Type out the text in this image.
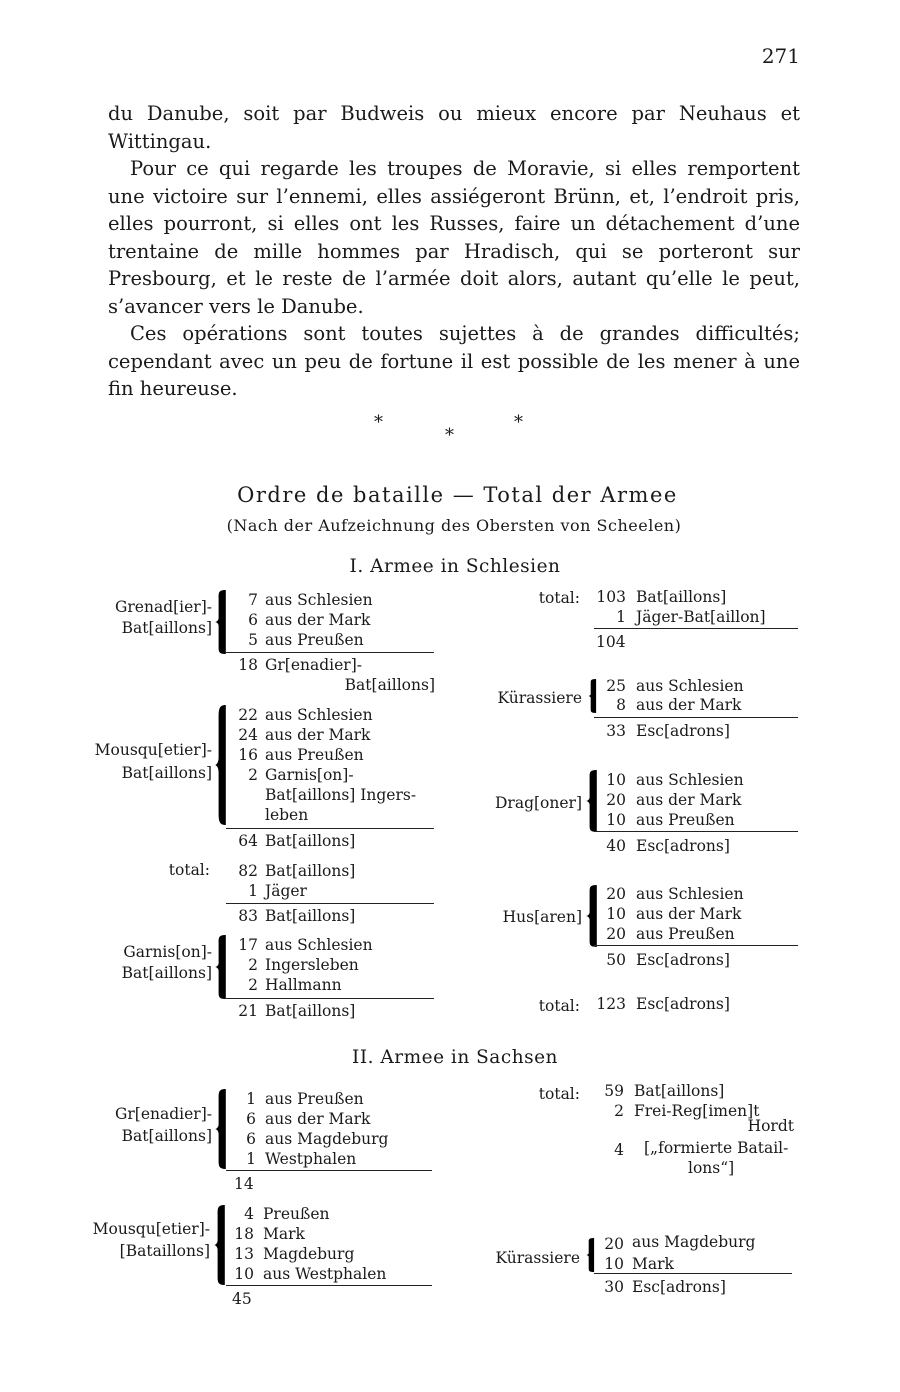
271

du Danube, soit par Budweis ou mieux encore par Neuhaus et Wittingau.

Pour ce qui regarde les troupes de Moravie, si elles remportent une victoire sur l’ennemi, elles assiégeront Brünn, et, l’endroit pris, elles pourront, si elles ont les Russes, faire un détachement d’une trentaine de mille hommes par Hradisch, qui se porteront sur Presbourg, et le reste de l’armée doit alors, autant qu’elle le peut, s’avancer vers le Danube.

Ces opérations sont toutes sujettes à de grandes difficultés; cependant avec un peu de fortune il est possible de les mener à une fin heureuse.

*
*
*
Ordre de bataille — Total der Armee
(Nach der Aufzeichnung des Obersten von Scheelen)
I. Armee in Schlesien
Grenad[ier]-
Bat[aillons]
7 aus Schlesien
6 aus der Mark
5 aus Preußen
18 Gr[enadier]-
Bat[aillons]
Mousqu[etier]-
Bat[aillons]
22 aus Schlesien
24 aus der Mark
16 aus Preußen
2 Garnis[on]-
Bat[aillons] Ingers-
leben
64 Bat[aillons]
total:	82 Bat[aillons]
1 Jäger
83 Bat[aillons]
Garnis[on]-
Bat[aillons]
17 aus Schlesien
2 Ingersleben
2 Hallmann
21 Bat[aillons]
total: 103 Bat[aillons]
1 Jäger-Bat[aillon]
104
Kürassiere
25 aus Schlesien
8 aus der Mark
33 Esc[adrons]
Drag[oner]
10 aus Schlesien
20 aus der Mark
10 aus Preußen
40 Esc[adrons]
Hus[aren]
20 aus Schlesien
10 aus der Mark
20 aus Preußen
50 Esc[adrons]
total: 123 Esc[adrons]
II. Armee in Sachsen
Gr[enadier]-
Bat[aillons]
1 aus Preußen
6 aus der Mark
6 aus Magdeburg
1 Westphalen
14
Mousqu[etier]-
[Bataillons]
4 Preußen
18 Mark
13 Magdeburg
10 aus Westphalen
45
total:	59 Bat[aillons]
2 Frei-Reg[imen]t
Hordt
4 [„formierte Batail-
lons“]
Kürassiere
20 aus Magdeburg
10 Mark
30 Esc[adrons]
